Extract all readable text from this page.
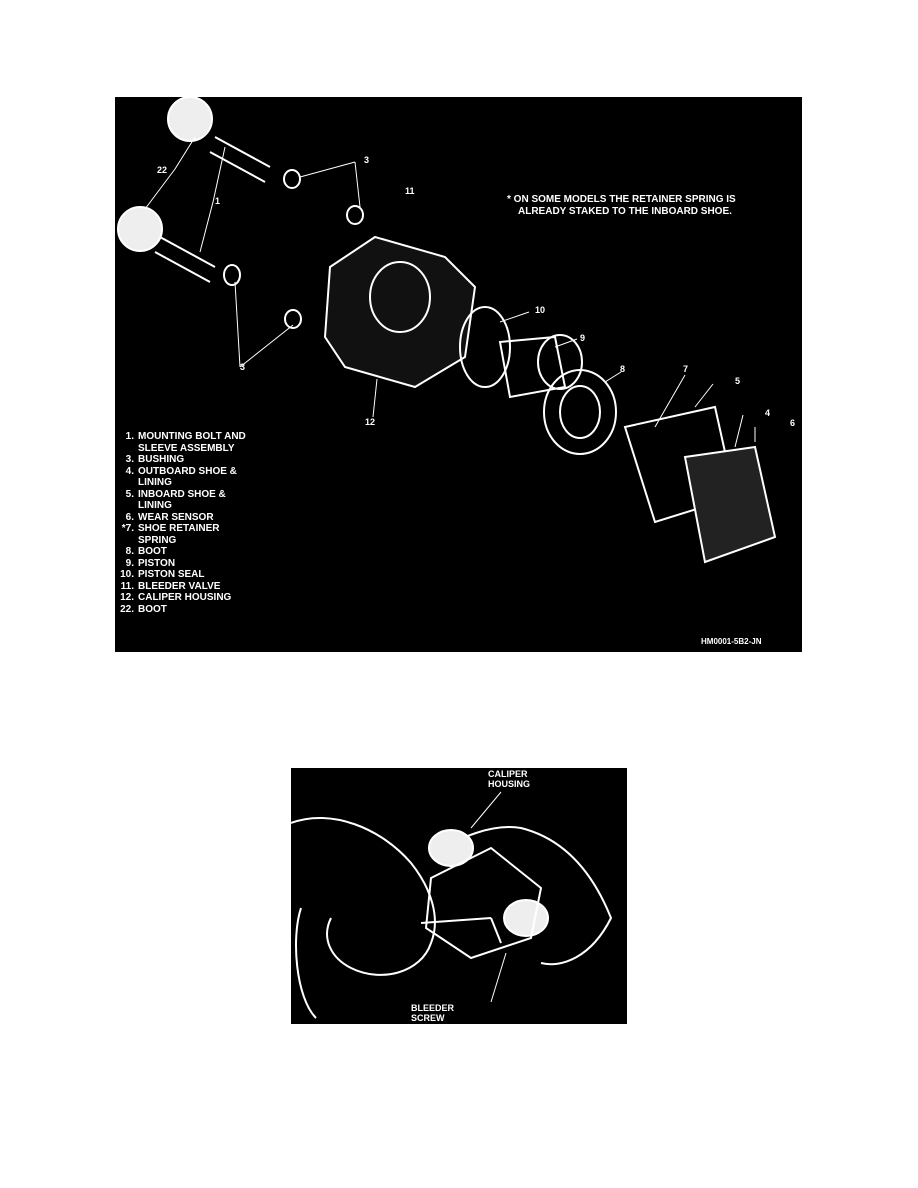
22
1
3
11
3
10
9
8	7
5
4
6
12
* ON SOME MODELS THE RETAINER SPRING IS
ALREADY STAKED TO THE INBOARD SHOE.
1. MOUNTING BOLT AND
SLEEVE ASSEMBLY
3. BUSHING
4. OUTBOARD SHOE &
LINING
5. INBOARD SHOE &
LINING
6. WEAR SENSOR
*7. SHOE RETAINER
SPRING
8. BOOT
9. PISTON
10. PISTON SEAL
11. BLEEDER VALVE
12. CALIPER HOUSING
22. BOOT
HM0001-5B2-JN
CALIPER
HOUSING
BLEEDER
SCREW
